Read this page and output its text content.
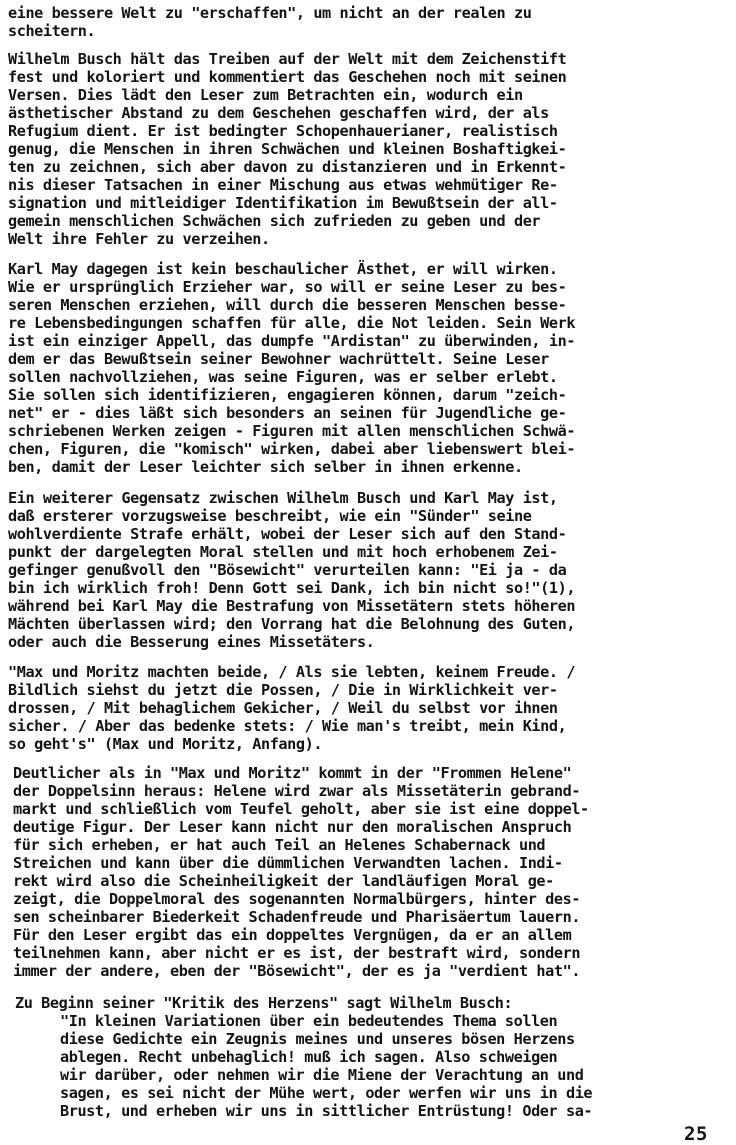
eine bessere Welt zu "erschaffen", um nicht an der realen zu
scheitern.

Wilhelm Busch hält das Treiben auf der Welt mit dem Zeichenstift
fest und koloriert und kommentiert das Geschehen noch mit seinen
Versen. Dies lädt den Leser zum Betrachten ein, wodurch ein
ästhetischer Abstand zu dem Geschehen geschaffen wird, der als
Refugium dient. Er ist bedingter Schopenhauerianer, realistisch
genug, die Menschen in ihren Schwächen und kleinen Boshaftigkei-
ten zu zeichnen, sich aber davon zu distanzieren und in Erkennt-
nis dieser Tatsachen in einer Mischung aus etwas wehmütiger Re-
signation und mitleidiger Identifikation im Bewußtsein der all-
gemein menschlichen Schwächen sich zufrieden zu geben und der
Welt ihre Fehler zu verzeihen.

Karl May dagegen ist kein beschaulicher Ästhet, er will wirken.
Wie er ursprünglich Erzieher war, so will er seine Leser zu bes-
seren Menschen erziehen, will durch die besseren Menschen besse-
re Lebensbedingungen schaffen für alle, die Not leiden. Sein Werk
ist ein einziger Appell, das dumpfe "Ardistan" zu überwinden, in-
dem er das Bewußtsein seiner Bewohner wachrüttelt. Seine Leser
sollen nachvollziehen, was seine Figuren, was er selber erlebt.
Sie sollen sich identifizieren, engagieren können, darum "zeich-
net" er - dies läßt sich besonders an seinen für Jugendliche ge-
schriebenen Werken zeigen - Figuren mit allen menschlichen Schwä-
chen, Figuren, die "komisch" wirken, dabei aber liebenswert blei-
ben, damit der Leser leichter sich selber in ihnen erkenne.

Ein weiterer Gegensatz zwischen Wilhelm Busch und Karl May ist,
daß ersterer vorzugsweise beschreibt, wie ein "Sünder" seine
wohlverdiente Strafe erhält, wobei der Leser sich auf den Stand-
punkt der dargelegten Moral stellen und mit hoch erhobenem Zei-
gefinger genußvoll den "Bösewicht" verurteilen kann: "Ei ja - da
bin ich wirklich froh! Denn Gott sei Dank, ich bin nicht so!"(1),
während bei Karl May die Bestrafung von Missetätern stets höheren
Mächten überlassen wird; den Vorrang hat die Belohnung des Guten,
oder auch die Besserung eines Missetäters.

"Max und Moritz machten beide, / Als sie lebten, keinem Freude. /
Bildlich siehst du jetzt die Possen, / Die in Wirklichkeit ver-
drossen, / Mit behaglichem Gekicher, / Weil du selbst vor ihnen
sicher. / Aber das bedenke stets: / Wie man's treibt, mein Kind,
so geht's" (Max und Moritz, Anfang).

Deutlicher als in "Max und Moritz" kommt in der "Frommen Helene"
der Doppelsinn heraus: Helene wird zwar als Missetäterin gebrand-
markt und schließlich vom Teufel geholt, aber sie ist eine doppel-
deutige Figur. Der Leser kann nicht nur den moralischen Anspruch
für sich erheben, er hat auch Teil an Helenes Schabernack und
Streichen und kann über die dümmlichen Verwandten lachen. Indi-
rekt wird also die Scheinheiligkeit der landläufigen Moral ge-
zeigt, die Doppelmoral des sogenannten Normalbürgers, hinter des-
sen scheinbarer Biederkeit Schadenfreude und Pharisäertum lauern.
Für den Leser ergibt das ein doppeltes Vergnügen, da er an allem
teilnehmen kann, aber nicht er es ist, der bestraft wird, sondern
immer der andere, eben der "Bösewicht", der es ja "verdient hat".

Zu Beginn seiner "Kritik des Herzens" sagt Wilhelm Busch:
"In kleinen Variationen über ein bedeutendes Thema sollen
diese Gedichte ein Zeugnis meines und unseres bösen Herzens
ablegen. Recht unbehaglich! muß ich sagen. Also schweigen
wir darüber, oder nehmen wir die Miene der Verachtung an und
sagen, es sei nicht der Mühe wert, oder werfen wir uns in die
Brust, und erheben wir uns in sittlicher Entrüstung! Oder sa-

25
